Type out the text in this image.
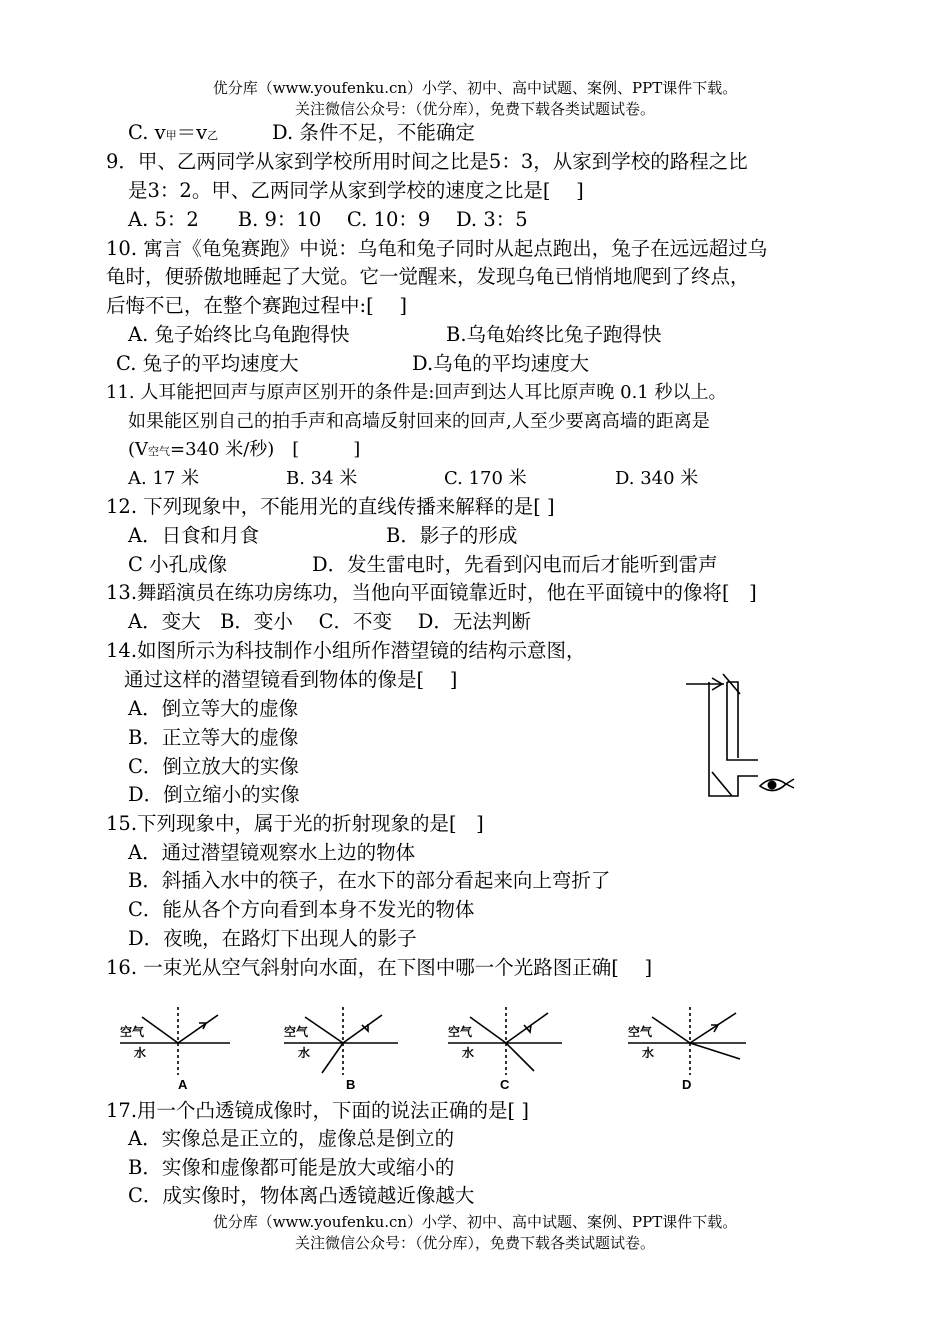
优分库（www.youfenku.cn）小学、初中、高中试题、案例、PPT课件下载。
关注微信公众号：（优分库），免费下载各类试题试卷。
C. v甲＝v乙	D. 条件不足，不能确定
9．甲、乙两同学从家到学校所用时间之比是5：3，从家到学校的路程之比
是3：2。甲、乙两同学从家到学校的速度之比是[　 ]
A. 5：2　　B. 9：10　 C. 10：9　 D. 3：5
10. 寓言《龟兔赛跑》中说：乌龟和兔子同时从起点跑出，兔子在远远超过乌
龟时，便骄傲地睡起了大觉。它一觉醒来，发现乌龟已悄悄地爬到了终点，
后悔不已，在整个赛跑过程中:[　 ]
A. 兔子始终比乌龟跑得快	B.乌龟始终比兔子跑得快
C. 兔子的平均速度大	D.乌龟的平均速度大
11. 人耳能把回声与原声区别开的条件是:回声到达人耳比原声晚 0.1 秒以上。
如果能区别自己的拍手声和高墙反射回来的回声,人至少要离高墙的距离是
(V空气=340 米/秒)　[　　　]
A. 17 米	B. 34 米	C. 170 米	D. 340 米
12. 下列现象中，不能用光的直线传播来解释的是[ ]
A．日食和月食	B．影子的形成
C 小孔成像	D．发生雷电时，先看到闪电而后才能听到雷声
13.舞蹈演员在练功房练功，当他向平面镜靠近时，他在平面镜中的像将[　]
A．变大　B．变小　 C．不变　 D．无法判断
14.如图所示为科技制作小组所作潜望镜的结构示意图，
通过这样的潜望镜看到物体的像是[　 ]
A．倒立等大的虚像
B．正立等大的虚像
C．倒立放大的实像
D．倒立缩小的实像
15.下列现象中，属于光的折射现象的是[　]
A．通过潜望镜观察水上边的物体
B．斜插入水中的筷子，在水下的部分看起来向上弯折了
C．能从各个方向看到本身不发光的物体
D．夜晚，在路灯下出现人的影子
16. 一束光从空气斜射向水面，在下图中哪一个光路图正确[　 ]
空气
水
空气
水
空气
水
空气
水
A	B	C	D
17.用一个凸透镜成像时，下面的说法正确的是[ ]
A．实像总是正立的，虚像总是倒立的
B．实像和虚像都可能是放大或缩小的
C．成实像时，物体离凸透镜越近像越大
优分库（www.youfenku.cn）小学、初中、高中试题、案例、PPT课件下载。
关注微信公众号：（优分库），免费下载各类试题试卷。
